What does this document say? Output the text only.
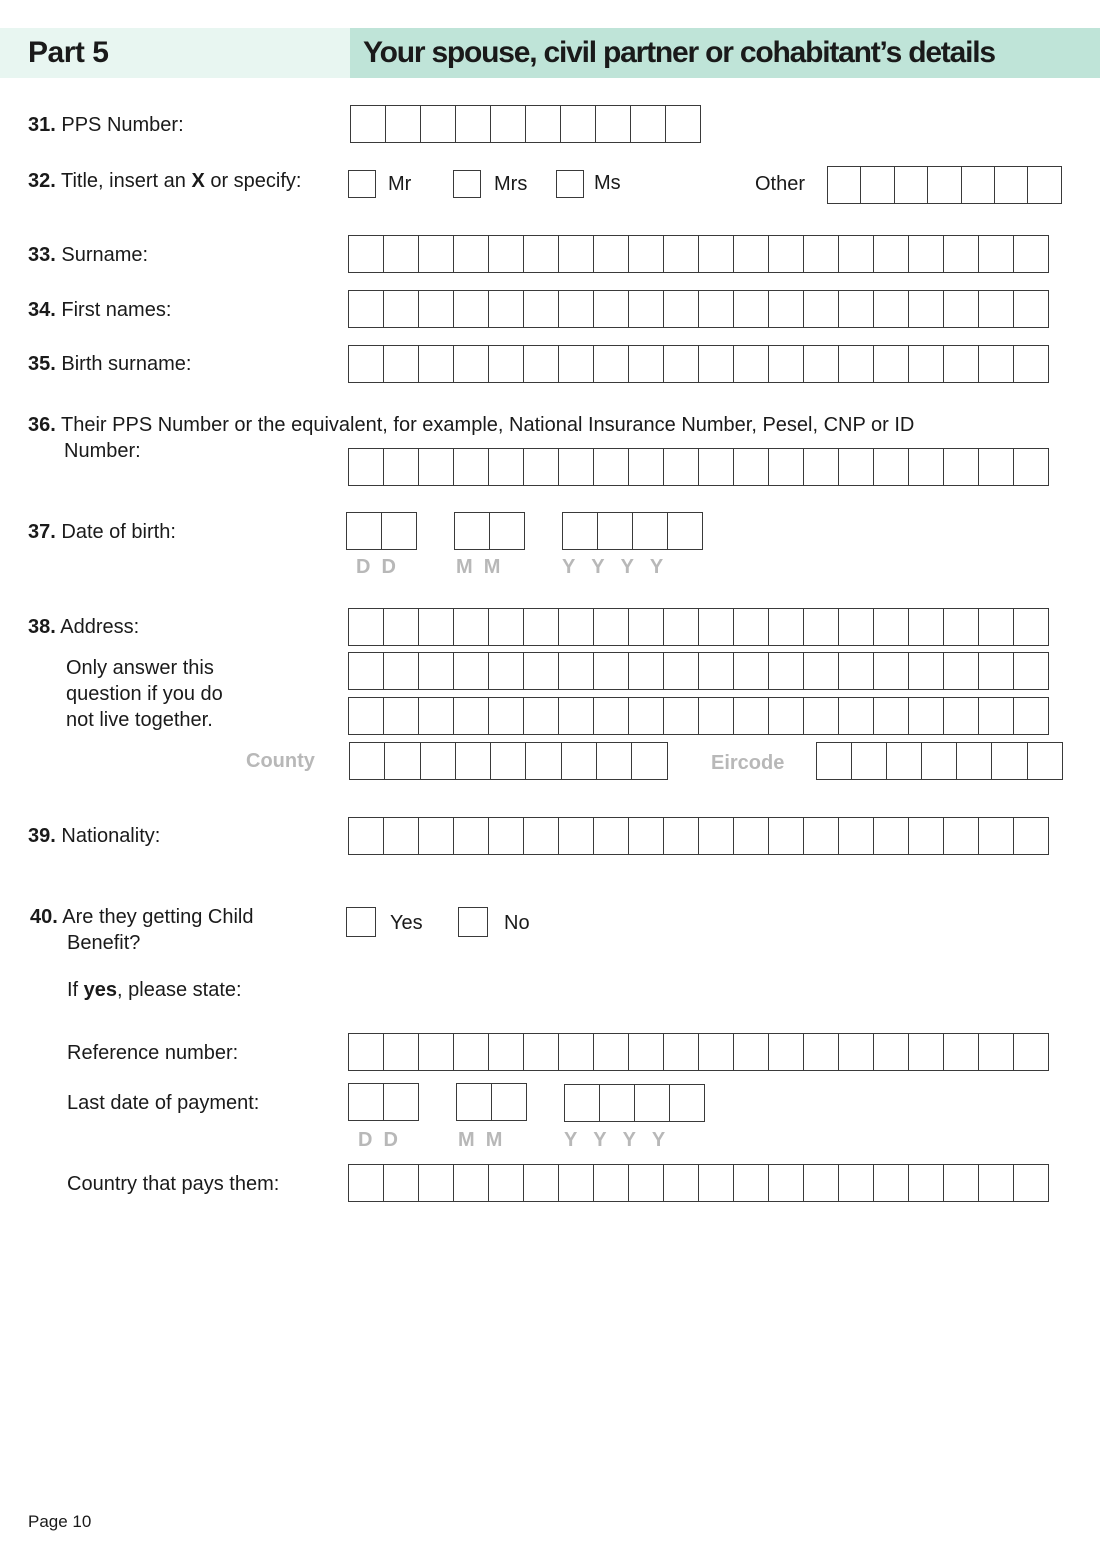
Part 5	Your spouse, civil partner or cohabitant’s details
31. PPS Number:
32. Title, insert an X or specify:	Mr	Mrs	Ms	Other
33. Surname:
34. First names:
35. Birth surname:
36. Their PPS Number or the equivalent, for example, National Insurance Number, Pesel, CNP or ID
Number:
37. Date of birth:
D  D	M  M	Y   Y   Y   Y
38. Address:
Only answer this
question if you do
not live together.
County	Eircode
39. Nationality:
40. Are they getting Child
Benefit?
Yes	No
If yes, please state:
Reference number:
Last date of payment:
D  D	M  M	Y   Y   Y   Y
Country that pays them:
Page 10
